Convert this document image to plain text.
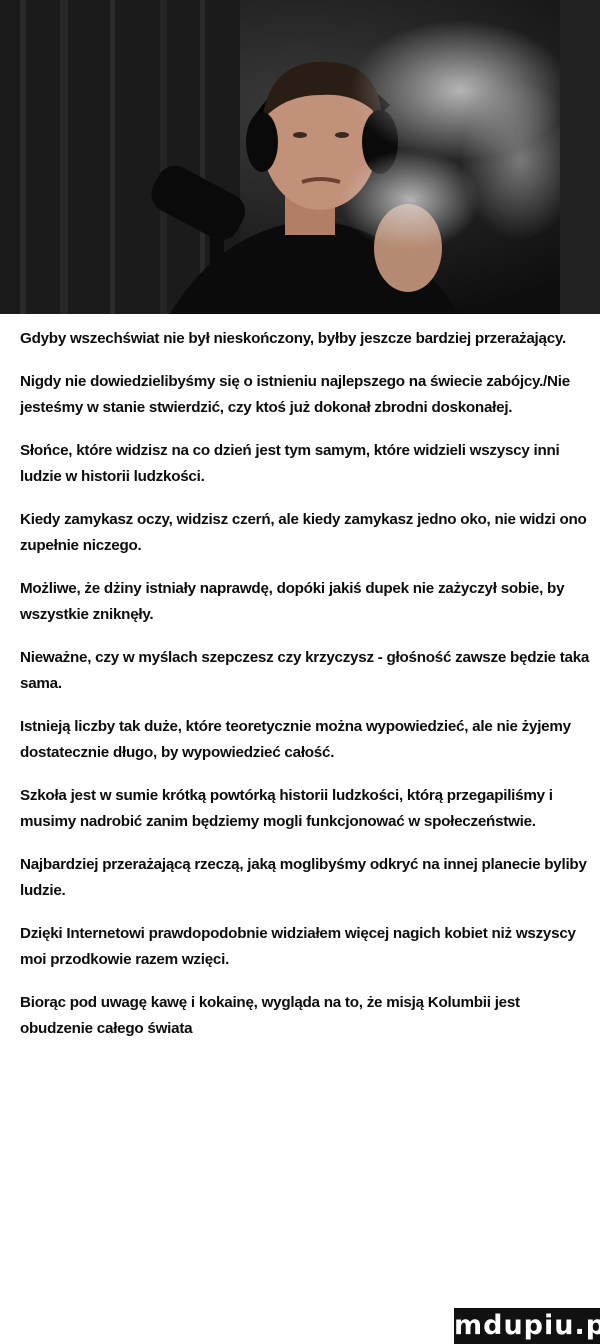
Gdyby wszechświat nie był nieskończony, byłby jeszcze bardziej przerażający.

Nigdy nie dowiedzielibyśmy się o istnieniu najlepszego na świecie zabójcy./Nie jesteśmy w stanie stwierdzić, czy ktoś już dokonał zbrodni doskonałej.

Słońce, które widzisz na co dzień jest tym samym, które widzieli wszyscy inni ludzie w historii ludzkości.

Kiedy zamykasz oczy, widzisz czerń, ale kiedy zamykasz jedno oko, nie widzi ono zupełnie niczego.

Możliwe, że dżiny istniały naprawdę, dopóki jakiś dupek nie zażyczył sobie, by wszystkie zniknęły.

Nieważne, czy w myślach szepczesz czy krzyczysz - głośność zawsze będzie taka sama.

Istnieją liczby tak duże, które teoretycznie można wypowiedzieć, ale nie żyjemy dostatecznie długo, by wypowiedzieć całość.

Szkoła jest w sumie krótką powtórką historii ludzkości, którą przegapiliśmy i musimy nadrobić zanim będziemy mogli funkcjonować w społeczeństwie.

Najbardziej przerażającą rzeczą, jaką moglibyśmy odkryć na innej planecie byliby ludzie.

Dzięki Internetowi prawdopodobnie widziałem więcej nagich kobiet niż wszyscy moi przodkowie razem wzięci.

Biorąc pod uwagę kawę i kokainę, wygląda na to, że misją Kolumbii jest obudzenie całego świata

mdupiu.pl
